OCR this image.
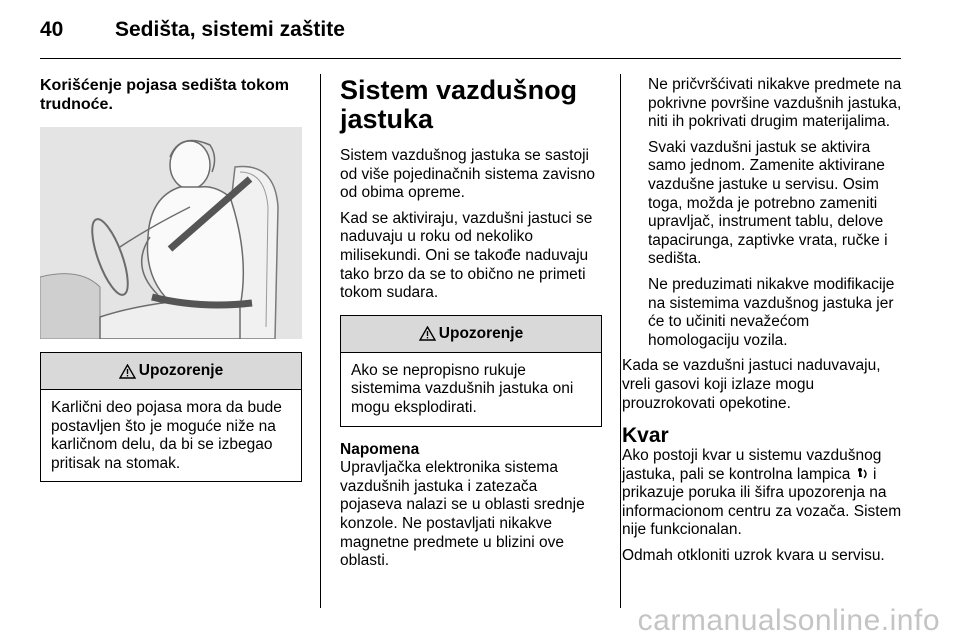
40 Sedišta, sistemi zaštite

Korišćenje pojasa sedišta tokom trudnoće.

Upozorenje
Karlični deo pojasa mora da bude postavljen što je moguće niže na karličnom delu, da bi se izbegao pritisak na stomak.

Sistem vazdušnog jastuka

Sistem vazdušnog jastuka se sastoji od više pojedinačnih sistema zavisno od obima opreme.

Kad se aktiviraju, vazdušni jastuci se naduvaju u roku od nekoliko milisekundi. Oni se takođe naduvaju tako brzo da se to obično ne primeti tokom sudara.

Upozorenje
Ako se nepropisno rukuje sistemima vazdušnih jastuka oni mogu eksplodirati.
Napomena
Upravljačka elektronika sistema vazdušnih jastuka i zatezača pojaseva nalazi se u oblasti srednje konzole. Ne postavljati nikakve magnetne predmete u blizini ove oblasti.

Ne pričvršćivati nikakve predmete na pokrivne površine vazdušnih jastuka, niti ih pokrivati drugim materijalima.

Svaki vazdušni jastuk se aktivira samo jednom. Zamenite aktivirane vazdušne jastuke u servisu. Osim toga, možda je potrebno zameniti upravljač, instrument tablu, delove tapacirunga, zaptivke vrata, ručke i sedišta.

Ne preduzimati nikakve modifikacije na sistemima vazdušnog jastuka jer će to učiniti nevažećom homologaciju vozila.

Kada se vazdušni jastuci naduvavaju, vreli gasovi koji izlaze mogu prouzrokovati opekotine.

Kvar

Ako postoji kvar u sistemu vazdušnog jastuka, pali se kontrolna lampica i prikazuje poruka ili šifra upozorenja na informacionom centru za vozača. Sistem nije funkcionalan.

Odmah otkloniti uzrok kvara u servisu.

carmanualsonline.info
